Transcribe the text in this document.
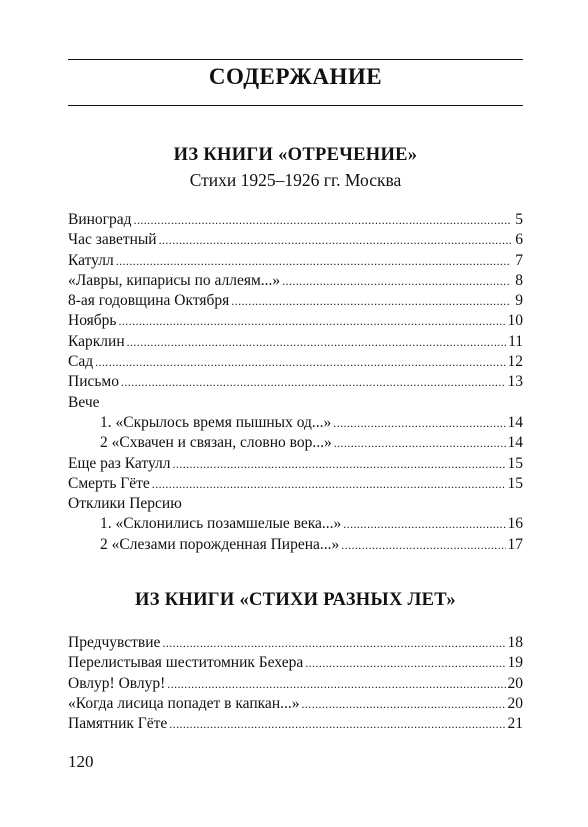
СОДЕРЖАНИЕ
ИЗ КНИГИ «ОТРЕЧЕНИЕ»
Стихи 1925–1926 гг. Москва
Виноград .....	5
Час заветный .....	6
Катулл .....	7
«Лавры, кипарисы по аллеям...» .....	8
8-ая годовщина Октября .....	9
Ноябрь .....	10
Карклин .....	11
Сад .....	12
Письмо .....	13
Вече
1. «Скрылось время пышных од...» .....	14
2 «Схвачен и связан, словно вор...» .....	14
Еще раз Катулл .....	15
Смерть Гёте .....	15
Отклики Персию
1. «Склонились позамшелые века...» .....	16
2 «Слезами порожденная Пирена...» .....	17
ИЗ КНИГИ «СТИХИ РАЗНЫХ ЛЕТ»
Предчувствие .....	18
Перелистывая шеститомник Бехера .....	19
Овлур! Овлур! .....	20
«Когда лисица попадет в капкан...» .....	20
Памятник Гёте .....	21
120
